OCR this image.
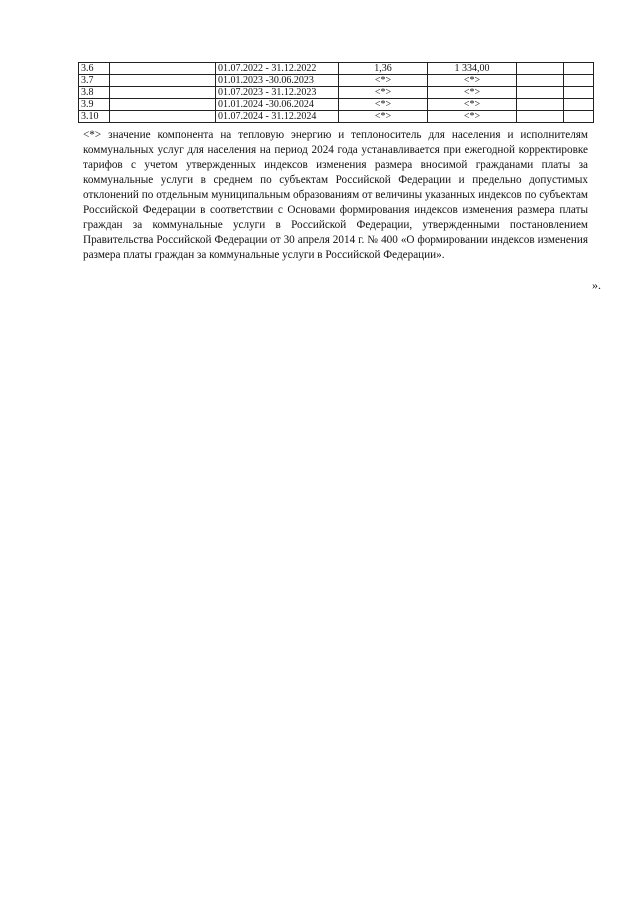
3.6		01.07.2022 - 31.12.2022	1,36	1 334,00		
3.7		01.01.2023 -30.06.2023	<*>	<*>		
3.8		01.07.2023 - 31.12.2023	<*>	<*>		
3.9		01.01.2024 -30.06.2024	<*>	<*>		
3.10		01.07.2024 - 31.12.2024	<*>	<*>		

<*> значение компонента на тепловую энергию и теплоноситель для населения и исполнителям коммунальных услуг для населения на период 2024 года устанавливается при ежегодной корректировке тарифов с учетом утвержденных индексов изменения размера вносимой гражданами платы за коммунальные услуги в среднем по субъектам Российской Федерации и предельно допустимых отклонений по отдельным муниципальным образованиям от величины указанных индексов по субъектам Российской Федерации в соответствии с Основами формирования индексов изменения размера платы граждан за коммунальные услуги в Российской Федерации, утвержденными постановлением Правительства Российской Федерации от 30 апреля 2014 г. № 400 «О формировании индексов изменения размера платы граждан за коммунальные услуги в Российской Федерации».

».
